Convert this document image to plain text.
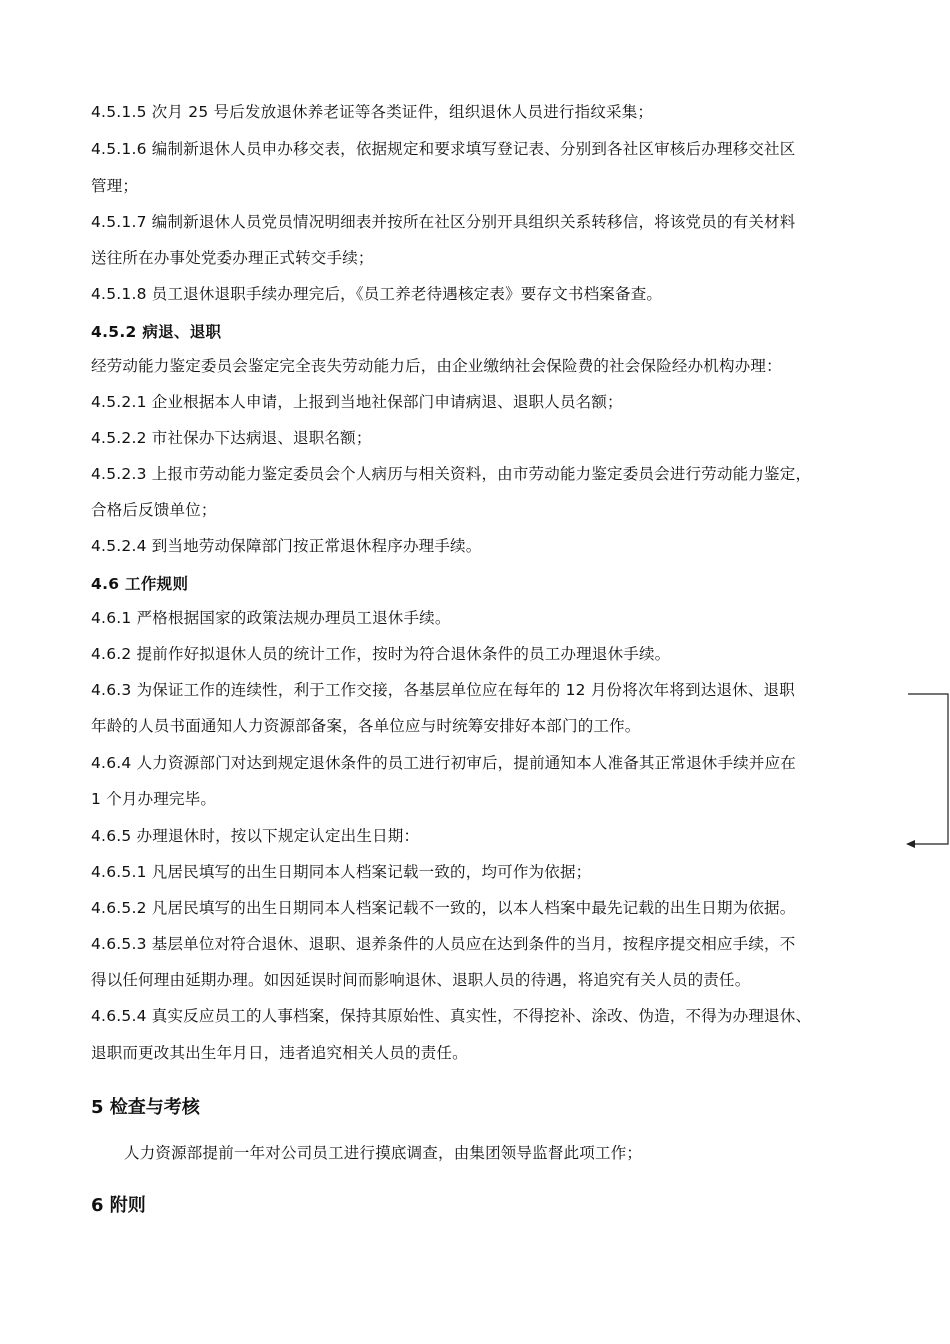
4.5.1.5 次月 25 号后发放退休养老证等各类证件，组织退休人员进行指纹采集；
4.5.1.6 编制新退休人员申办移交表，依据规定和要求填写登记表、分别到各社区审核后办理移交社区
管理；
4.5.1.7 编制新退休人员党员情况明细表并按所在社区分别开具组织关系转移信，将该党员的有关材料
送往所在办事处党委办理正式转交手续；
4.5.1.8 员工退休退职手续办理完后，《员工养老待遇核定表》要存文书档案备查。
4.5.2 病退、退职
经劳动能力鉴定委员会鉴定完全丧失劳动能力后，由企业缴纳社会保险费的社会保险经办机构办理：
4.5.2.1 企业根据本人申请，上报到当地社保部门申请病退、退职人员名额；
4.5.2.2 市社保办下达病退、退职名额；
4.5.2.3 上报市劳动能力鉴定委员会个人病历与相关资料，由市劳动能力鉴定委员会进行劳动能力鉴定，
合格后反馈单位；
4.5.2.4 到当地劳动保障部门按正常退休程序办理手续。
4.6 工作规则
4.6.1 严格根据国家的政策法规办理员工退休手续。
4.6.2 提前作好拟退休人员的统计工作，按时为符合退休条件的员工办理退休手续。
4.6.3 为保证工作的连续性，利于工作交接，各基层单位应在每年的 12 月份将次年将到达退休、退职
年龄的人员书面通知人力资源部备案，各单位应与时统筹安排好本部门的工作。
4.6.4 人力资源部门对达到规定退休条件的员工进行初审后，提前通知本人准备其正常退休手续并应在
1 个月办理完毕。
4.6.5 办理退休时，按以下规定认定出生日期：
4.6.5.1 凡居民填写的出生日期同本人档案记载一致的，均可作为依据；
4.6.5.2 凡居民填写的出生日期同本人档案记载不一致的，以本人档案中最先记载的出生日期为依据。
4.6.5.3 基层单位对符合退休、退职、退养条件的人员应在达到条件的当月，按程序提交相应手续，不
得以任何理由延期办理。如因延误时间而影响退休、退职人员的待遇，将追究有关人员的责任。
4.6.5.4 真实反应员工的人事档案，保持其原始性、真实性，不得挖补、涂改、伪造，不得为办理退休、
退职而更改其出生年月日，违者追究相关人员的责任。
5 检查与考核
人力资源部提前一年对公司员工进行摸底调查，由集团领导监督此项工作；
6 附则
